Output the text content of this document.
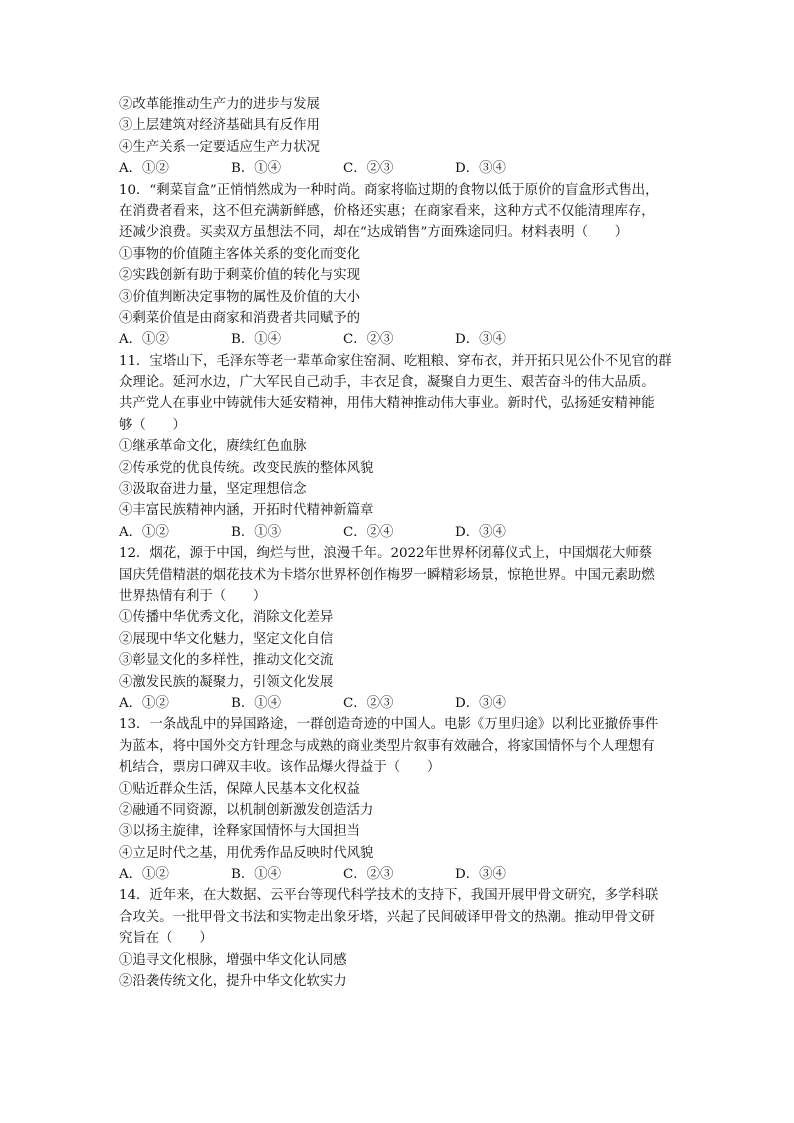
②改革能推动生产力的进步与发展
③上层建筑对经济基础具有反作用
④生产关系一定要适应生产力状况
A．①②	B．①④	C．②③	D．③④
10．“剩菜盲盒”正悄悄然成为一种时尚。商家将临过期的食物以低于原价的盲盒形式售出，
在消费者看来，这不但充满新鲜感，价格还实惠；在商家看来，这种方式不仅能清理库存，
还减少浪费。买卖双方虽想法不同，却在“达成销售”方面殊途同归。材料表明（　　）
①事物的价值随主客体关系的变化而变化
②实践创新有助于剩菜价值的转化与实现
③价值判断决定事物的属性及价值的大小
④剩菜价值是由商家和消费者共同赋予的
A．①②	B．①④	C．②③	D．③④
11．宝塔山下，毛泽东等老一辈革命家住窑洞、吃粗粮、穿布衣，并开拓只见公仆不见官的群
众理论。延河水边，广大军民自己动手，丰衣足食，凝聚自力更生、艰苦奋斗的伟大品质。
共产党人在事业中铸就伟大延安精神，用伟大精神推动伟大事业。新时代，弘扬延安精神能
够（　　）
①继承革命文化，赓续红色血脉
②传承党的优良传统。改变民族的整体风貌
③汲取奋进力量，坚定理想信念
④丰富民族精神内涵，开拓时代精神新篇章
A．①②	B．①③	C．②④	D．③④
12．烟花，源于中国，绚烂与世，浪漫千年。2022年世界杯闭幕仪式上，中国烟花大师蔡
国庆凭借精湛的烟花技术为卡塔尔世界杯创作梅罗一瞬精彩场景，惊艳世界。中国元素助燃
世界热情有利于（　　）
①传播中华优秀文化，消除文化差异
②展现中华文化魅力，坚定文化自信
③彰显文化的多样性，推动文化交流
④激发民族的凝聚力，引领文化发展
A．①②	B．①④	C．②③	D．③④
13．一条战乱中的异国路途，一群创造奇迹的中国人。电影《万里归途》以利比亚撤侨事件
为蓝本，将中国外交方针理念与成熟的商业类型片叙事有效融合，将家国情怀与个人理想有
机结合，票房口碑双丰收。该作品爆火得益于（　　）
①贴近群众生活，保障人民基本文化权益
②融通不同资源，以机制创新激发创造活力
③以扬主旋律，诠释家国情怀与大国担当
④立足时代之基，用优秀作品反映时代风貌
A．①②	B．①④	C．②③	D．③④
14．近年来，在大数据、云平台等现代科学技术的支持下，我国开展甲骨文研究，多学科联
合攻关。一批甲骨文书法和实物走出象牙塔，兴起了民间破译甲骨文的热潮。推动甲骨文研
究旨在（　　）
①追寻文化根脉，增强中华文化认同感
②沿袭传统文化，提升中华文化软实力
